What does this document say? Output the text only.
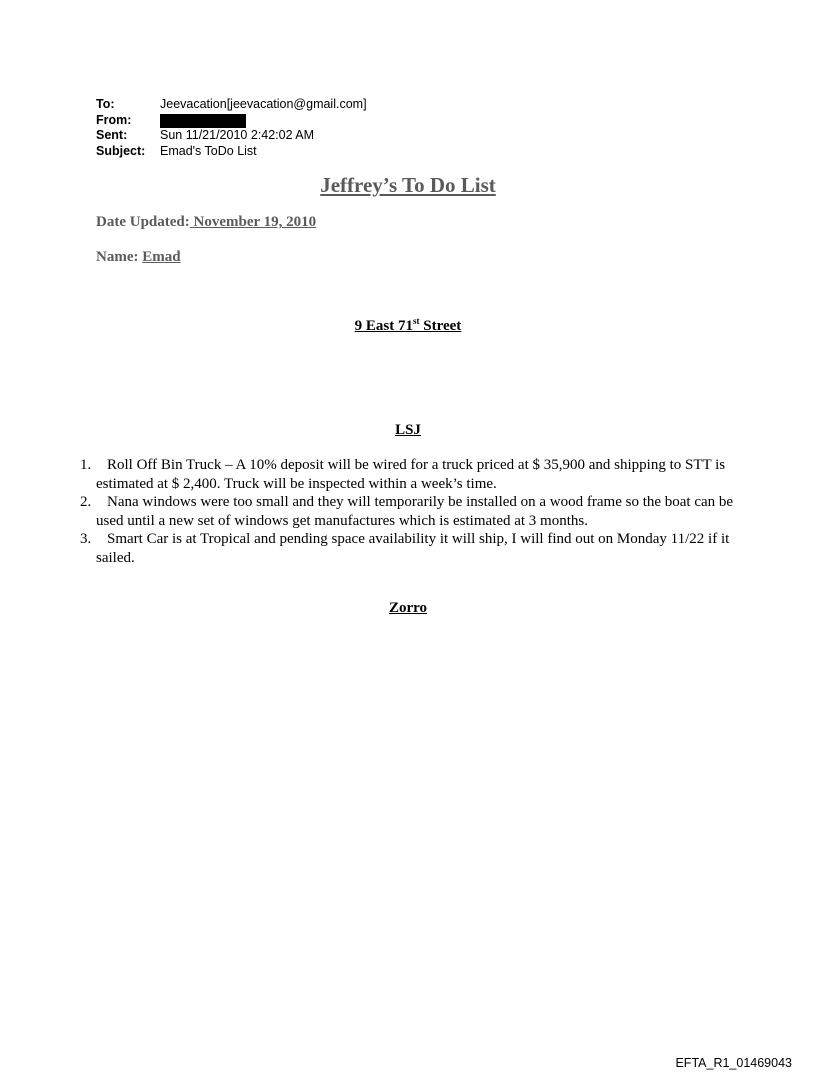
To:	Jeevacation[jeevacation@gmail.com]
From:
Sent:	Sun 11/21/2010 2:42:02 AM
Subject:	Emad's ToDo List
Jeffrey’s To Do List
Date Updated: November 19, 2010
Name: Emad
9 East 71st Street
LSJ
1.	Roll Off Bin Truck – A 10% deposit will be wired for a truck priced at $ 35,900 and shipping to STT is estimated at $ 2,400. Truck will be inspected within a week’s time.
2.	Nana windows were too small and they will temporarily be installed on a wood frame so the boat can be used until a new set of windows get manufactures which is estimated at 3 months.
3.	Smart Car is at Tropical and pending space availability it will ship, I will find out on Monday 11/22 if it sailed.
Zorro
EFTA_R1_01469043
